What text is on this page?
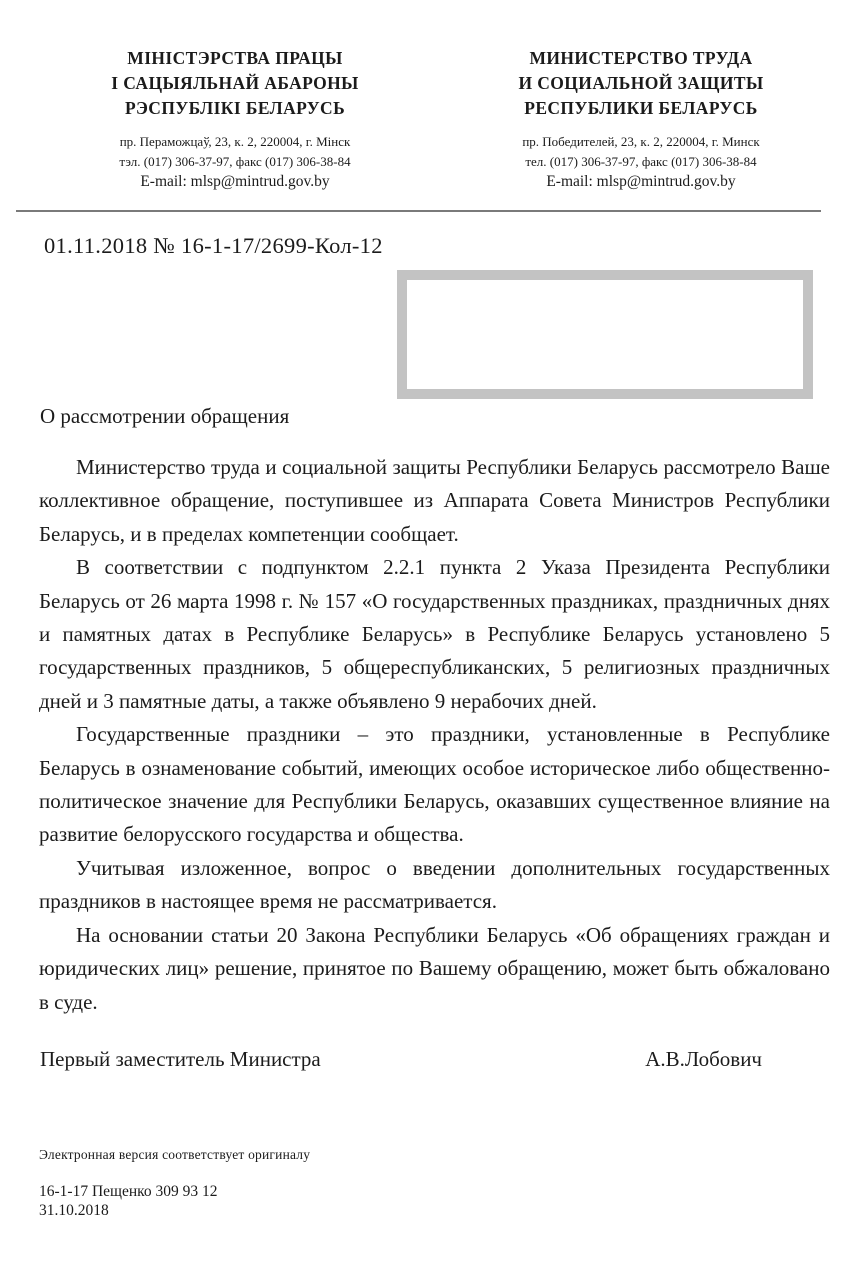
МІНІСТЭРСТВА ПРАЦЫ
І САЦЫЯЛЬНАЙ АБАРОНЫ
РЭСПУБЛІКІ БЕЛАРУСЬ
пр. Пераможцаў, 23, к. 2, 220004, г. Мінск
тэл. (017) 306-37-97, факс (017) 306-38-84
E-mail: mlsp@mintrud.gov.by
МИНИСТЕРСТВО ТРУДА
И СОЦИАЛЬНОЙ ЗАЩИТЫ
РЕСПУБЛИКИ БЕЛАРУСЬ
пр. Победителей, 23, к. 2, 220004, г. Минск
тел. (017) 306-37-97, факс (017) 306-38-84
E-mail: mlsp@mintrud.gov.by
01.11.2018 № 16-1-17/2699-Кол-12
О рассмотрении обращения

Министерство труда и социальной защиты Республики Беларусь рассмотрело Ваше коллективное обращение, поступившее из Аппарата Совета Министров Республики Беларусь, и в пределах компетенции сообщает.

В соответствии с подпунктом 2.2.1 пункта 2 Указа Президента Республики Беларусь от 26 марта 1998 г. № 157 «О государственных праздниках, праздничных днях и памятных датах в Республике Беларусь» в Республике Беларусь установлено 5 государственных праздников, 5 общереспубликанских, 5 религиозных праздничных дней и 3 памятные даты, а также объявлено 9 нерабочих дней.

Государственные праздники – это праздники, установленные в Республике Беларусь в ознаменование событий, имеющих особое историческое либо общественно-политическое значение для Республики Беларусь, оказавших существенное влияние на развитие белорусского государства и общества.

Учитывая изложенное, вопрос о введении дополнительных государственных праздников в настоящее время не рассматривается.

На основании статьи 20 Закона Республики Беларусь «Об обращениях граждан и юридических лиц» решение, принятое по Вашему обращению, может быть обжаловано в суде.

Первый заместитель Министра	А.В.Лобович
Электронная версия соответствует оригиналу
16-1-17 Пещенко 309 93 12
31.10.2018
